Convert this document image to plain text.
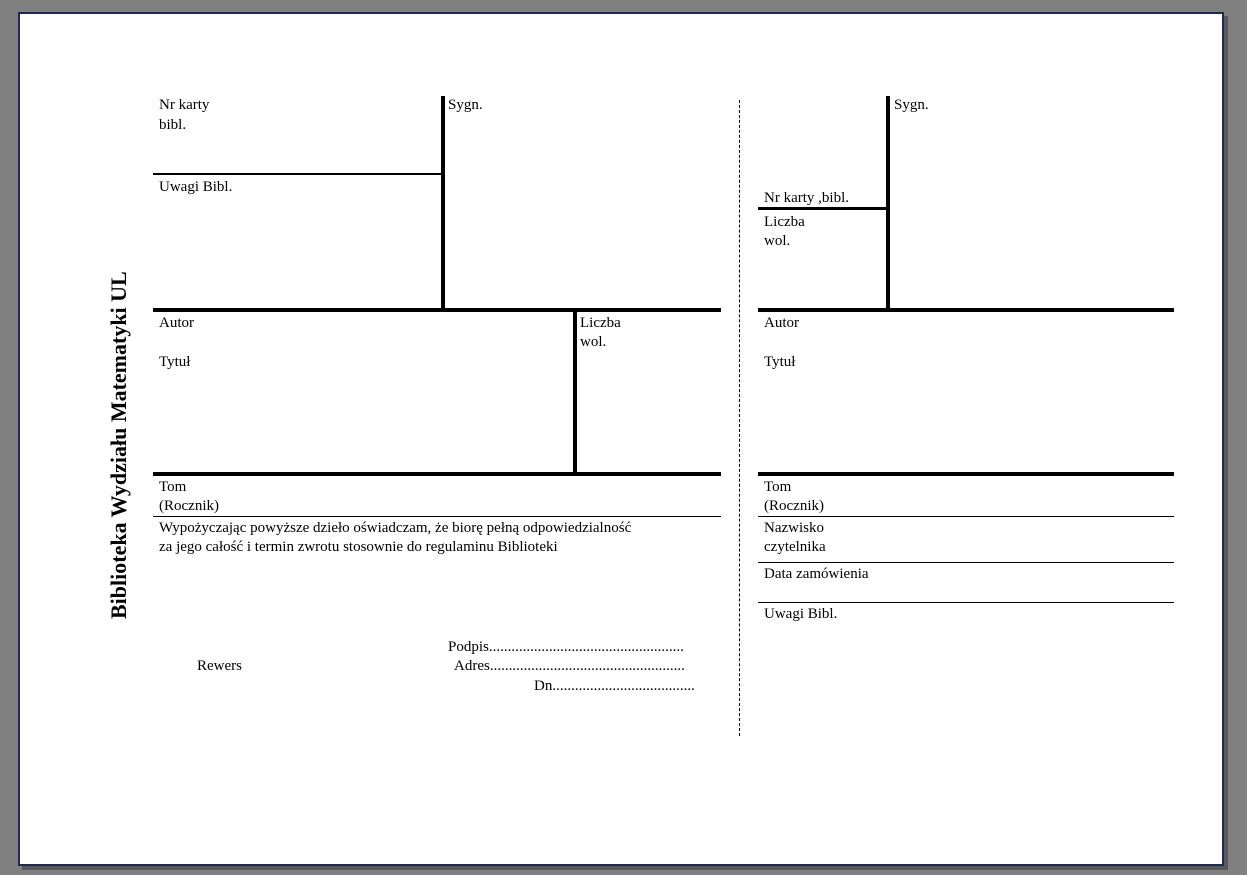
Biblioteka Wydziału Matematyki UL
Nr karty
bibl.
Sygn.
Uwagi Bibl.
Autor
Tytuł
Liczba
wol.
Tom
(Rocznik)
Wypożyczając powyższe dzieło oświadczam, że biorę pełną odpowiedzialność
za jego całość i termin zwrotu stosownie do regulaminu Biblioteki
Podpis....................................................
Rewers	Adres....................................................
Dn......................................
Sygn.
Nr karty ,bibl.
Liczba
wol.
Autor
Tytuł
Tom
(Rocznik)
Nazwisko
czytelnika
Data zamówienia
Uwagi Bibl.
